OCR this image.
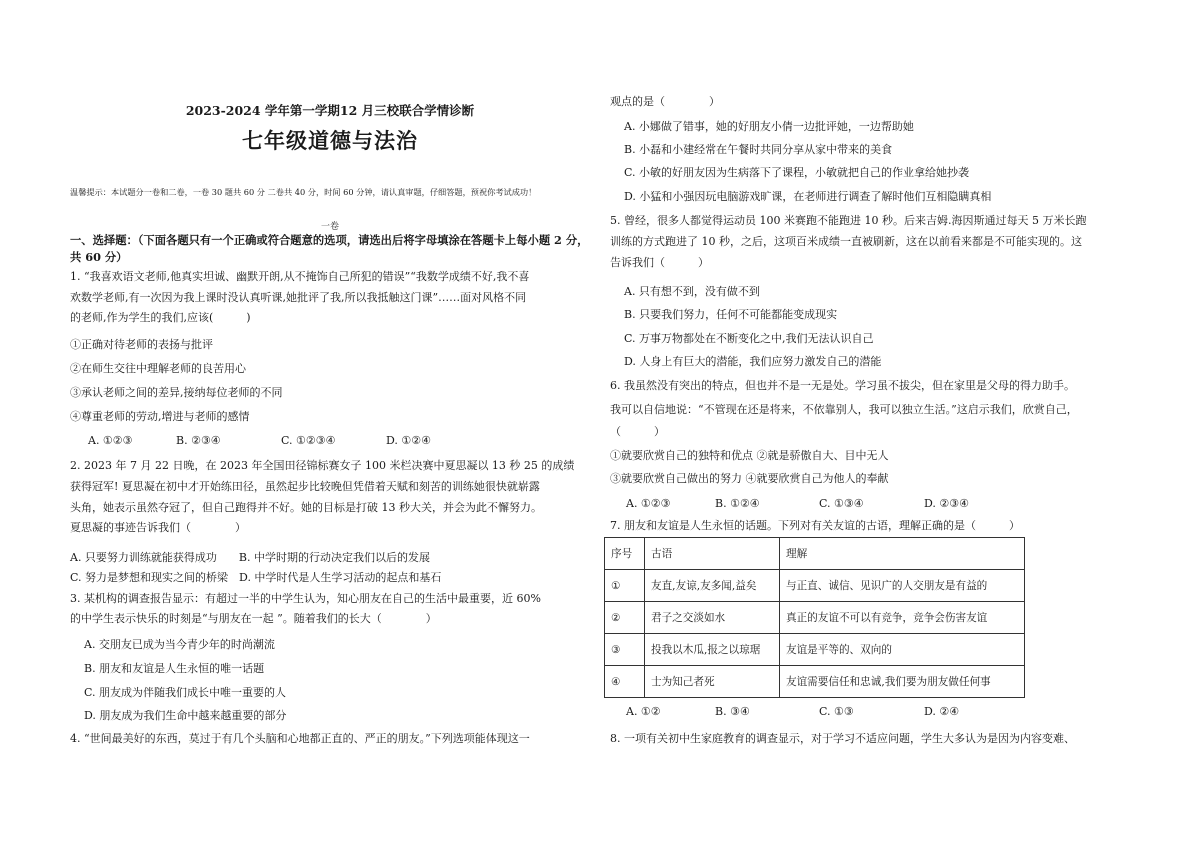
2023-2024 学年第一学期12 月三校联合学情诊断
七年级道德与法治
温馨提示：本试题分一卷和二卷，一卷 30 题共 60 分 二卷共 40 分，时间 60 分钟，请认真审题，仔细答题，预祝你考试成功！
一卷
一、选择题：（下面各题只有一个正确或符合题意的选项，请选出后将字母填涂在答题卡上每小题 2 分，共 60 分）
1. “我喜欢语文老师,他真实坦诚、幽默开朗,从不掩饰自己所犯的错误”“我数学成绩不好,我不喜
欢数学老师,有一次因为我上课时没认真听课,她批评了我,所以我抵触这门课”……面对风格不同
的老师,作为学生的我们,应该(　　　)
①正确对待老师的表扬与批评
②在师生交往中理解老师的良苦用心
③承认老师之间的差异,接纳每位老师的不同
④尊重老师的劳动,增进与老师的感情
A. ①②③	B. ②③④	C. ①②③④	D. ①②④
2. 2023 年 7 月 22 日晚，在 2023 年全国田径锦标赛女子 100 米栏决赛中夏思凝以 13 秒 25 的成绩
获得冠军! 夏思凝在初中才开始练田径，虽然起步比较晚但凭借着天赋和刻苦的训练她很快就崭露
头角，她表示虽然夺冠了，但自己跑得并不好。她的目标是打破 13 秒大关，并会为此不懈努力。
夏思凝的事迹告诉我们（　　　　）
A. 只要努力训练就能获得成功　　B. 中学时期的行动决定我们以后的发展
C. 努力是梦想和现实之间的桥梁　D. 中学时代是人生学习活动的起点和基石
3. 某机构的调查报告显示：有超过一半的中学生认为，知心朋友在自己的生活中最重要，近 60%
的中学生表示快乐的时刻是“与朋友在一起 ”。随着我们的长大（　　　　）
A. 交朋友已成为当今青少年的时尚潮流
B. 朋友和友谊是人生永恒的唯一话题
C. 朋友成为伴随我们成长中唯一重要的人
D. 朋友成为我们生命中越来越重要的部分
4. “世间最美好的东西，莫过于有几个头脑和心地都正直的、严正的朋友。”下列选项能体现这一
观点的是（　　　　）
A. 小娜做了错事，她的好朋友小倩一边批评她，一边帮助她
B. 小磊和小建经常在午餐时共同分享从家中带来的美食
C. 小敏的好朋友因为生病落下了课程，小敏就把自己的作业拿给她抄袭
D. 小猛和小强因玩电脑游戏旷课，在老师进行调查了解时他们互相隐瞒真相
5. 曾经，很多人都觉得运动员 100 米赛跑不能跑进 10 秒。后来吉姆.海因斯通过每天 5 万米长跑
训练的方式跑进了 10 秒，之后，这项百米成绩一直被刷新，这在以前看来都是不可能实现的。这
告诉我们（　　　）
A. 只有想不到，没有做不到
B. 只要我们努力，任何不可能都能变成现实
C. 万事万物都处在不断变化之中,我们无法认识自己
D. 人身上有巨大的潜能，我们应努力激发自己的潜能
6. 我虽然没有突出的特点，但也并不是一无是处。学习虽不拔尖，但在家里是父母的得力助手。
我可以自信地说：“不管现在还是将来，不依靠别人，我可以独立生活。”这启示我们，欣赏自己，
（　　　）
①就要欣赏自己的独特和优点 ②就是骄傲自大、目中无人
③就要欣赏自己做出的努力 ④就要欣赏自己为他人的奉献
A. ①②③	B. ①②④	C. ①③④	D. ②③④
7. 朋友和友谊是人生永恒的话题。下列对有关友谊的古语，理解正确的是（　　　）
序号	古语	理解
①	友直,友谅,友多闻,益矣	与正直、诚信、见识广的人交朋友是有益的
②	君子之交淡如水	真正的友谊不可以有竞争，竞争会伤害友谊
③	投我以木瓜,报之以琼琚	友谊是平等的、双向的
④	士为知己者死	友谊需要信任和忠诚,我们要为朋友做任何事
A. ①②	B. ③④	C. ①③	D. ②④
8. 一项有关初中生家庭教育的调查显示，对于学习不适应问题，学生大多认为是因为内容变难、
